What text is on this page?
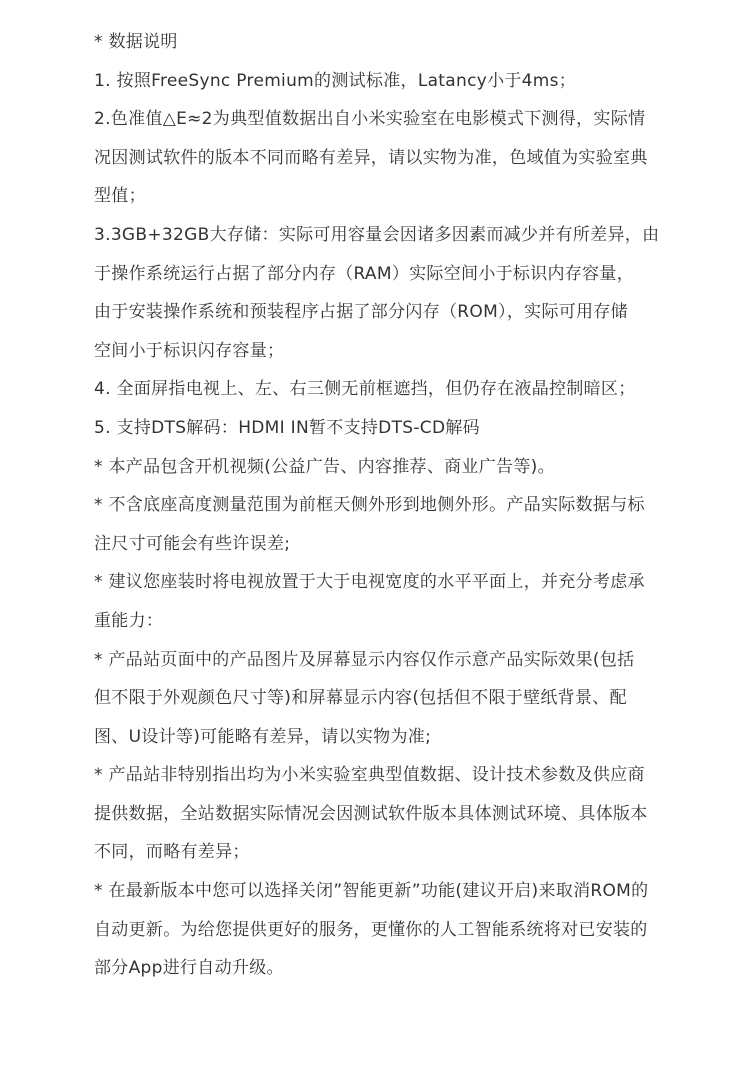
* 数据说明
1. 按照FreeSync Premium的测试标准，Latancy小于4ms；
2.色准值△E≈2为典型值数据出自小米实验室在电影模式下测得，实际情
况因测试软件的版本不同而略有差异，请以实物为准，色域值为实验室典
型值；
3.3GB+32GB大存储：实际可用容量会因诸多因素而减少并有所差异，由
于操作系统运行占据了部分内存（RAM）实际空间小于标识内存容量，
由于安装操作系统和预装程序占据了部分闪存（ROM），实际可用存储
空间小于标识闪存容量；
4. 全面屏指电视上、左、右三侧无前框遮挡，但仍存在液晶控制暗区；
5. 支持DTS解码：HDMI IN暂不支持DTS-CD解码
* 本产品包含开机视频(公益广告、内容推荐、商业广告等)。
* 不含底座高度测量范围为前框天侧外形到地侧外形。产品实际数据与标
注尺寸可能会有些许误差;
* 建议您座装时将电视放置于大于电视宽度的水平平面上，并充分考虑承
重能力：
* 产品站页面中的产品图片及屏幕显示内容仅作示意产品实际效果(包括
但不限于外观颜色尺寸等)和屏幕显示内容(包括但不限于壁纸背景、配
图、U设计等)可能略有差异，请以实物为准;
* 产品站非特别指出均为小米实验室典型值数据、设计技术参数及供应商
提供数据，全站数据实际情况会因测试软件版本具体测试环境、具体版本
不同，而略有差异；
* 在最新版本中您可以选择关闭”智能更新”功能(建议开启)来取消ROM的
自动更新。为给您提供更好的服务，更懂你的人工智能系统将对已安装的
部分App进行自动升级。
